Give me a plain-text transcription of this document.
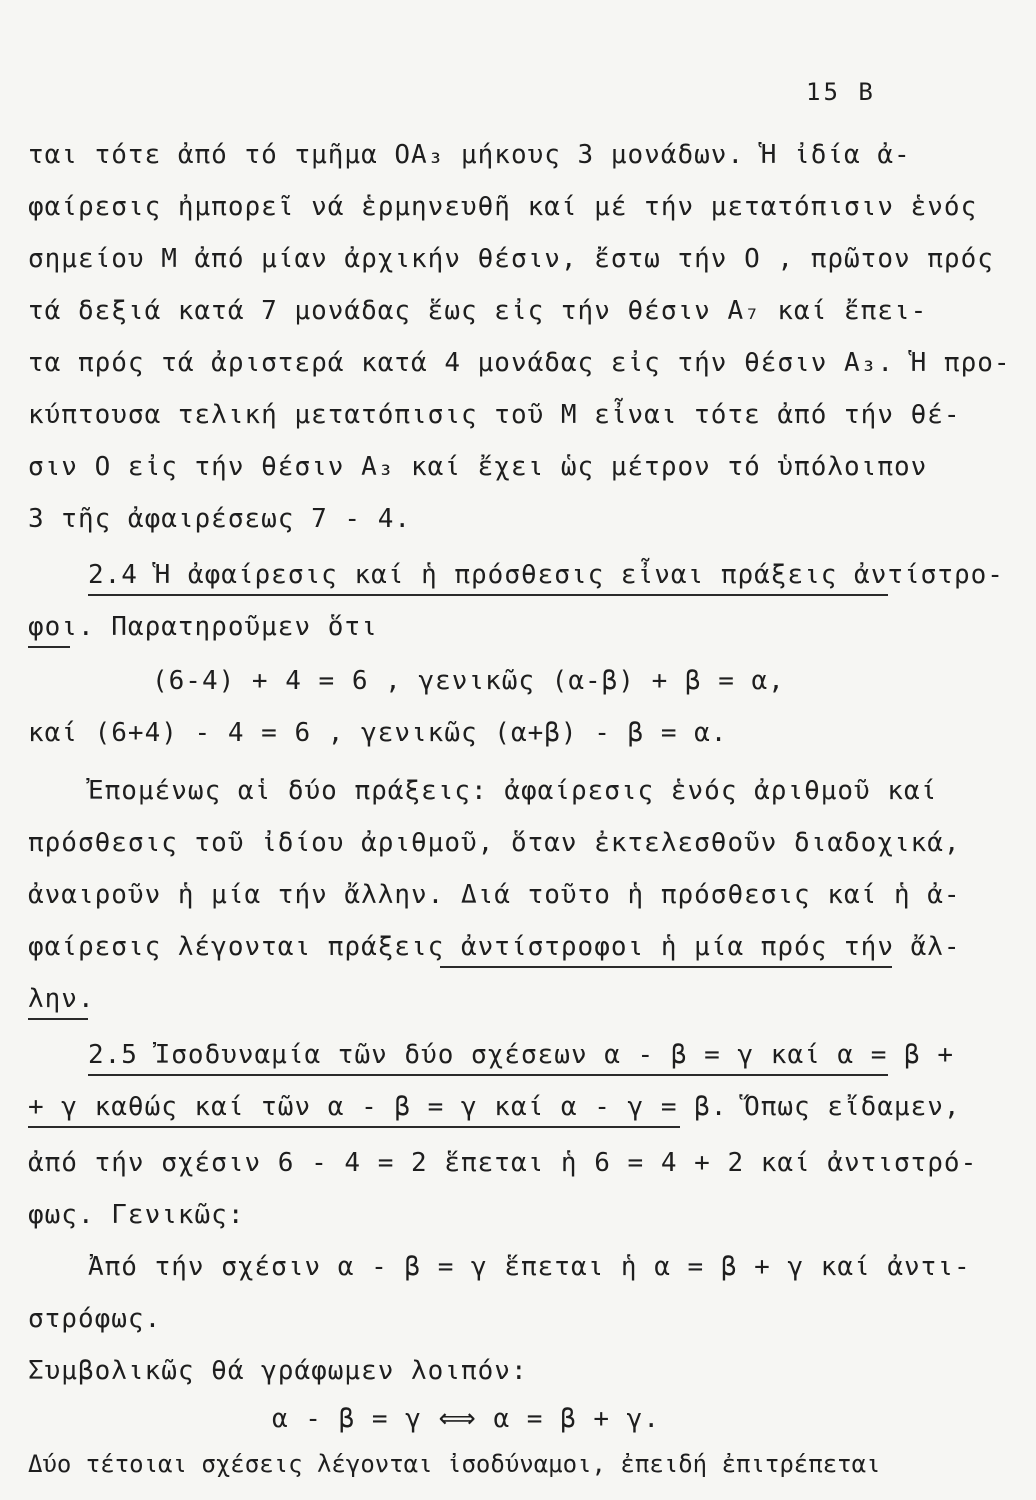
15 B
ται τότε ἀπό τό τμῆμα ΟΑ₃ μήκους 3 μονάδων. Ἡ ἰδία ἀ-
φαίρεσις ἠμπορεῖ νά ἑρμηνευθῆ καί μέ τήν μετατόπισιν ἑνός
σημείου Μ ἀπό μίαν ἀρχικήν θέσιν, ἔστω τήν Ο , πρῶτον πρός
τά δεξιά κατά 7 μονάδας ἕως εἰς τήν θέσιν Α₇ καί ἔπει-
τα πρός τά ἀριστερά κατά 4 μονάδας εἰς τήν θέσιν Α₃. Ἡ προ-
κύπτουσα τελική μετατόπισις τοῦ Μ εἶναι τότε ἀπό τήν θέ-
σιν Ο εἰς τήν θέσιν Α₃ καί ἔχει ὡς μέτρον τό ὑπόλοιπον
3 τῆς ἀφαιρέσεως 7 - 4.
2.4 Ἡ ἀφαίρεσις καί ἡ πρόσθεσις εἶναι πράξεις ἀντίστρο-
φοι. Παρατηροῦμεν ὅτι
(6-4) + 4 = 6 , γενικῶς (α-β) + β = α,
καί (6+4) - 4 = 6 , γενικῶς (α+β) - β = α.
Ἐπομένως αἱ δύο πράξεις: ἀφαίρεσις ἑνός ἀριθμοῦ καί
πρόσθεσις τοῦ ἰδίου ἀριθμοῦ, ὅταν ἐκτελεσθοῦν διαδοχικά,
ἀναιροῦν ἡ μία τήν ἄλλην. Διά τοῦτο ἡ πρόσθεσις καί ἡ ἀ-
φαίρεσις λέγονται πράξεις ἀντίστροφοι ἡ μία πρός τήν ἄλ-
λην.
2.5 Ἰσοδυναμία τῶν δύο σχέσεων α - β = γ καί α = β +
+ γ καθώς καί τῶν α - β = γ καί α - γ = β. Ὅπως εἴδαμεν,
ἀπό τήν σχέσιν 6 - 4 = 2 ἕπεται ἡ 6 = 4 + 2 καί ἀντιστρό-
φως. Γενικῶς:
Ἀπό τήν σχέσιν α - β = γ ἕπεται ἡ α = β + γ καί ἀντι-
στρόφως.
Συμβολικῶς θά γράφωμεν λοιπόν:
α - β = γ ⟺ α = β + γ.
Δύο τέτοιαι σχέσεις λέγονται ἰσοδύναμοι, ἐπειδή ἐπιτρέπεται
